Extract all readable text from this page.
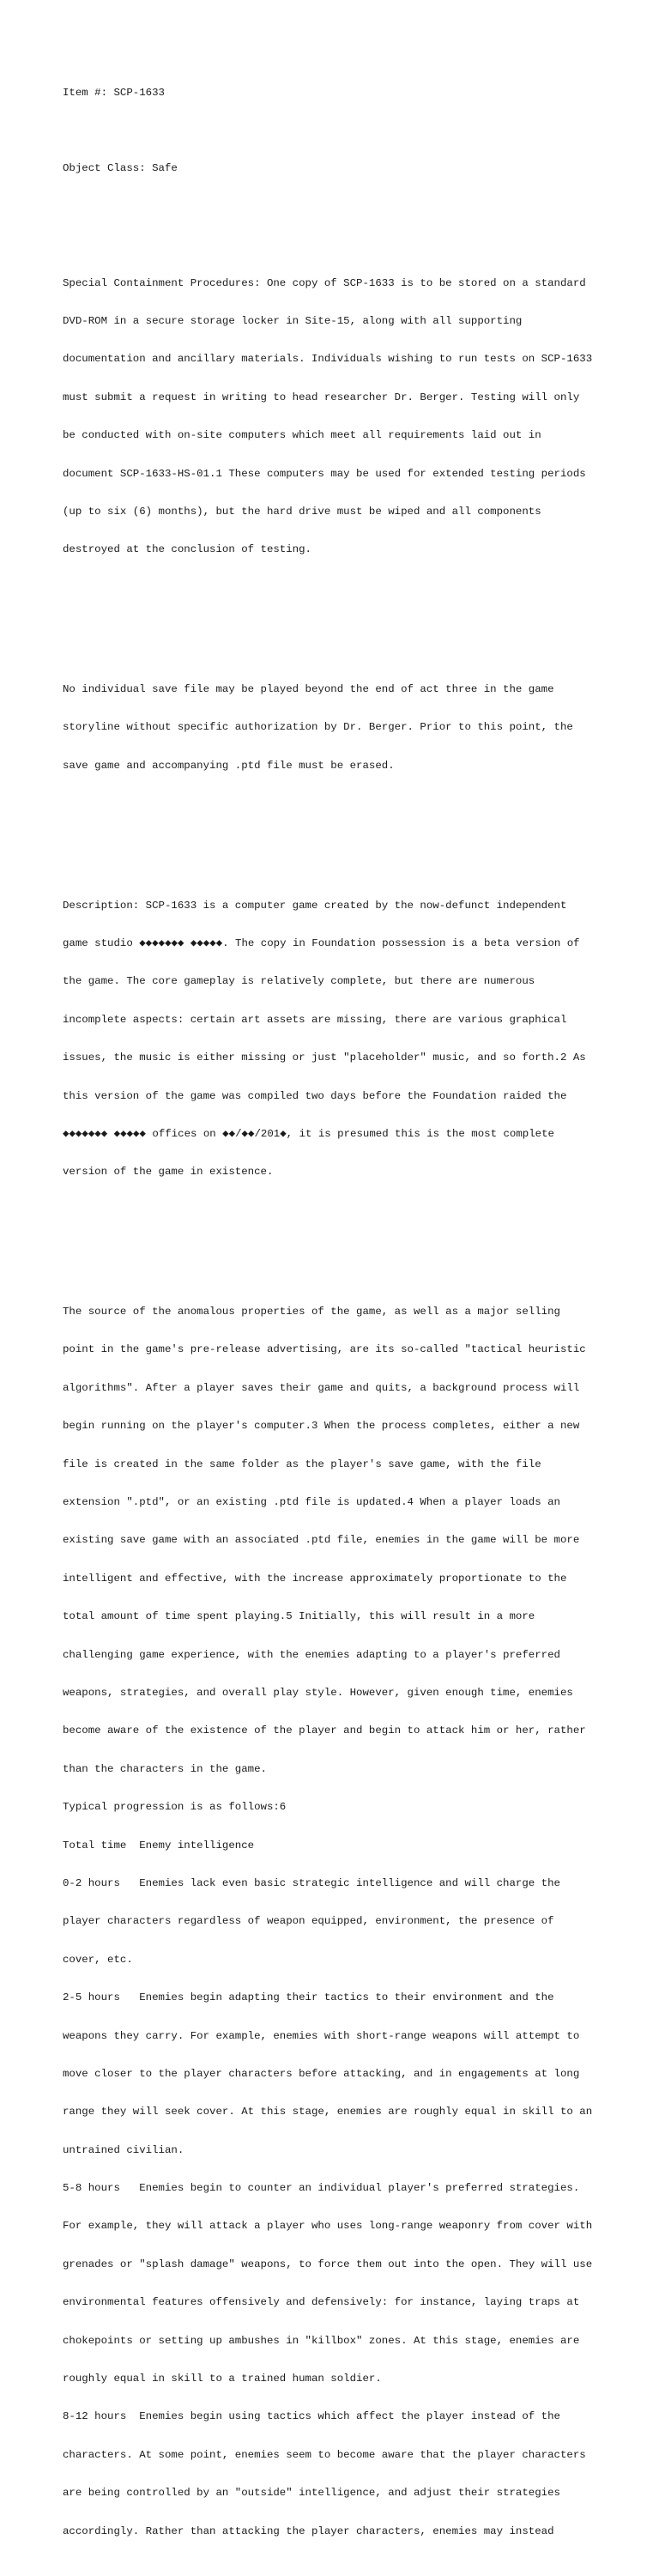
Item #: SCP-1633

Object Class: Safe

Special Containment Procedures: One copy of SCP-1633 is to be stored on a standard

DVD-ROM in a secure storage locker in Site-15, along with all supporting

documentation and ancillary materials. Individuals wishing to run tests on SCP-1633

must submit a request in writing to head researcher Dr. Berger. Testing will only

be conducted with on-site computers which meet all requirements laid out in

document SCP-1633-HS-01.1 These computers may be used for extended testing periods

(up to six (6) months), but the hard drive must be wiped and all components

destroyed at the conclusion of testing.

No individual save file may be played beyond the end of act three in the game

storyline without specific authorization by Dr. Berger. Prior to this point, the

save game and accompanying .ptd file must be erased.

Description: SCP-1633 is a computer game created by the now-defunct independent

game studio ◆◆◆◆◆◆◆ ◆◆◆◆◆. The copy in Foundation possession is a beta version of

the game. The core gameplay is relatively complete, but there are numerous

incomplete aspects: certain art assets are missing, there are various graphical

issues, the music is either missing or just "placeholder" music, and so forth.2 As

this version of the game was compiled two days before the Foundation raided the

◆◆◆◆◆◆◆ ◆◆◆◆◆ offices on ◆◆/◆◆/201◆, it is presumed this is the most complete

version of the game in existence.

The source of the anomalous properties of the game, as well as a major selling

point in the game's pre-release advertising, are its so-called "tactical heuristic

algorithms". After a player saves their game and quits, a background process will

begin running on the player's computer.3 When the process completes, either a new

file is created in the same folder as the player's save game, with the file

extension ".ptd", or an existing .ptd file is updated.4 When a player loads an

existing save game with an associated .ptd file, enemies in the game will be more

intelligent and effective, with the increase approximately proportionate to the

total amount of time spent playing.5 Initially, this will result in a more

challenging game experience, with the enemies adapting to a player's preferred

weapons, strategies, and overall play style. However, given enough time, enemies

become aware of the existence of the player and begin to attack him or her, rather

than the characters in the game.

Typical progression is as follows:6

Total time  Enemy intelligence

0-2 hours   Enemies lack even basic strategic intelligence and will charge the

player characters regardless of weapon equipped, environment, the presence of

cover, etc.

2-5 hours   Enemies begin adapting their tactics to their environment and the

weapons they carry. For example, enemies with short-range weapons will attempt to

move closer to the player characters before attacking, and in engagements at long

range they will seek cover. At this stage, enemies are roughly equal in skill to an

untrained civilian.

5-8 hours   Enemies begin to counter an individual player's preferred strategies.

For example, they will attack a player who uses long-range weaponry from cover with

grenades or "splash damage" weapons, to force them out into the open. They will use

environmental features offensively and defensively: for instance, laying traps at

chokepoints or setting up ambushes in "killbox" zones. At this stage, enemies are

roughly equal in skill to a trained human soldier.

8-12 hours  Enemies begin using tactics which affect the player instead of the

characters. At some point, enemies seem to become aware that the player characters

are being controlled by an "outside" intelligence, and adjust their strategies

accordingly. Rather than attacking the player characters, enemies may instead
